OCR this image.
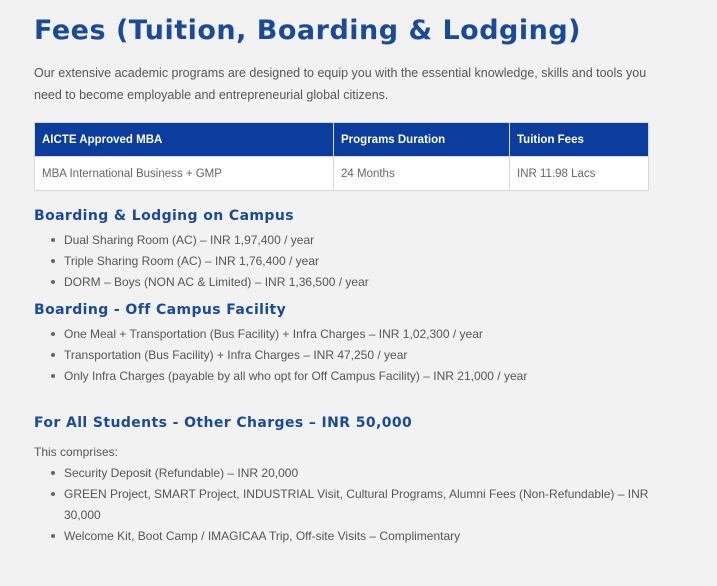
Fees (Tuition, Boarding & Lodging)

Our extensive academic programs are designed to equip you with the essential knowledge, skills and tools you need to become employable and entrepreneurial global citizens.

AICTE Approved MBA	Programs Duration	Tuition Fees
MBA International Business + GMP	24 Months	INR 11.98 Lacs
Boarding & Lodging on Campus
Dual Sharing Room (AC) – INR 1,97,400 / year
Triple Sharing Room (AC) – INR 1,76,400 / year
DORM – Boys (NON AC & Limited) – INR 1,36,500 / year
Boarding - Off Campus Facility
One Meal + Transportation (Bus Facility) + Infra Charges – INR 1,02,300 / year
Transportation (Bus Facility) + Infra Charges – INR 47,250 / year
Only Infra Charges (payable by all who opt for Off Campus Facility) – INR 21,000 / year
For All Students - Other Charges – INR 50,000
This comprises:
Security Deposit (Refundable) – INR 20,000
GREEN Project, SMART Project, INDUSTRIAL Visit, Cultural Programs, Alumni Fees (Non-Refundable) – INR 30,000
Welcome Kit, Boot Camp / IMAGICAA Trip, Off-site Visits – Complimentary
